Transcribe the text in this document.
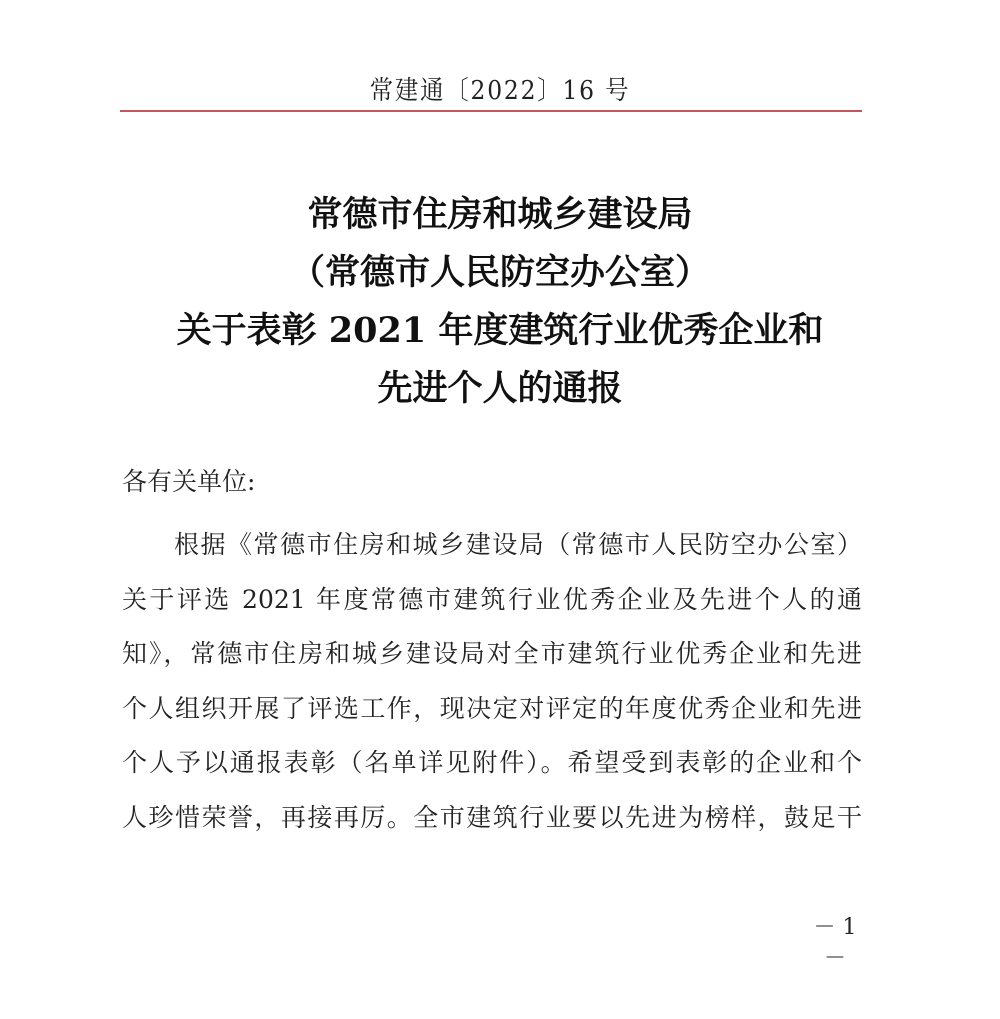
常建通〔2022〕16 号
常德市住房和城乡建设局
（常德市人民防空办公室）
关于表彰 2021 年度建筑行业优秀企业和
先进个人的通报
各有关单位:
根据《常德市住房和城乡建设局（常德市人民防空办公室）
关于评选 2021 年度常德市建筑行业优秀企业及先进个人的通
知》，常德市住房和城乡建设局对全市建筑行业优秀企业和先进
个人组织开展了评选工作，现决定对评定的年度优秀企业和先进
个人予以通报表彰（名单详见附件）。希望受到表彰的企业和个
人珍惜荣誉，再接再厉。全市建筑行业要以先进为榜样，鼓足干
－ 1 －
